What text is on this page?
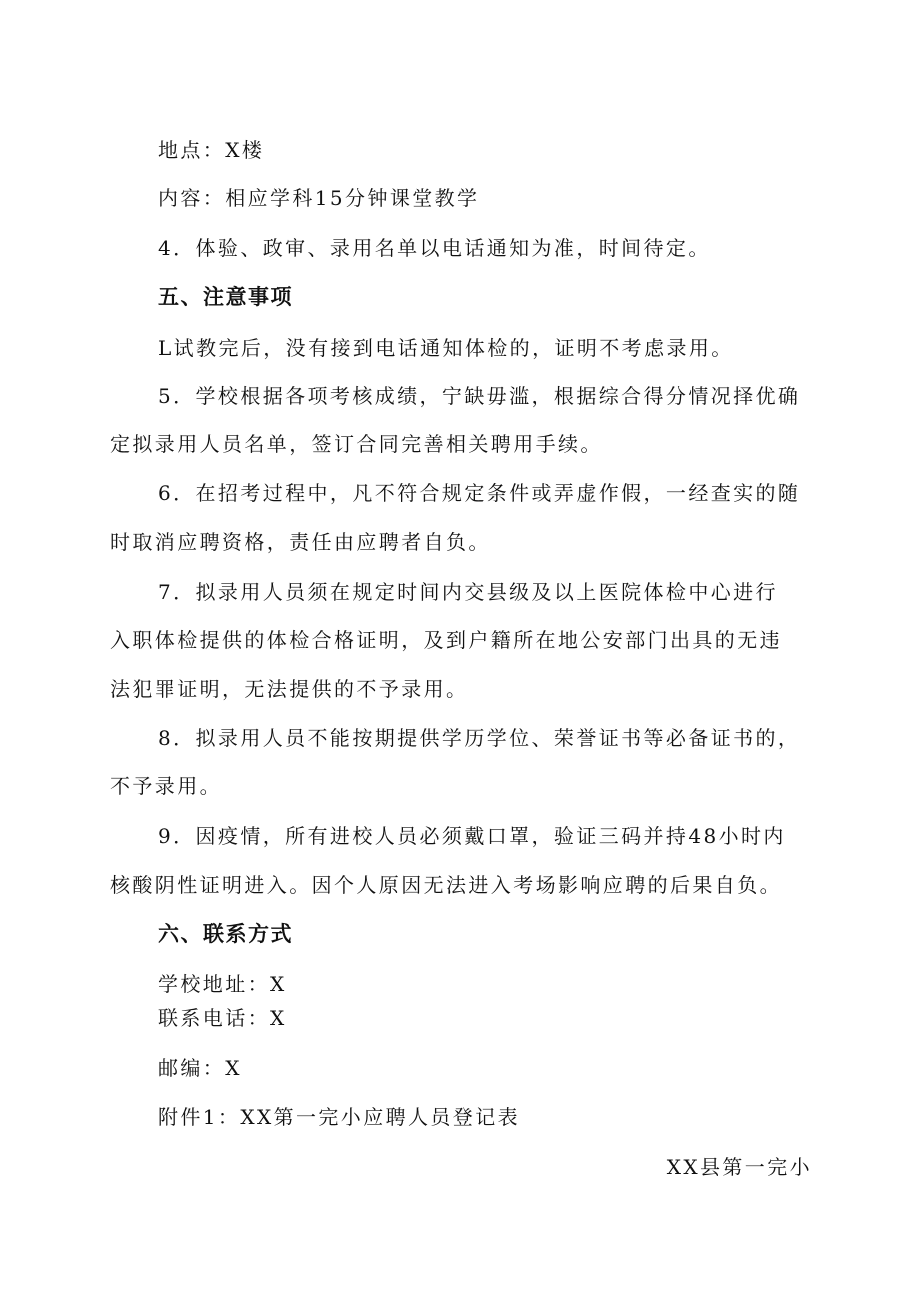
地点：X楼
内容：相应学科15分钟课堂教学
4．体验、政审、录用名单以电话通知为准，时间待定。
五、注意事项
L试教完后，没有接到电话通知体检的，证明不考虑录用。
5．学校根据各项考核成绩，宁缺毋滥，根据综合得分情况择优确
定拟录用人员名单，签订合同完善相关聘用手续。
6．在招考过程中，凡不符合规定条件或弄虚作假，一经查实的随
时取消应聘资格，责任由应聘者自负。
7．拟录用人员须在规定时间内交县级及以上医院体检中心进行
入职体检提供的体检合格证明，及到户籍所在地公安部门出具的无违
法犯罪证明，无法提供的不予录用。
8．拟录用人员不能按期提供学历学位、荣誉证书等必备证书的，
不予录用。
9．因疫情，所有进校人员必须戴口罩，验证三码并持48小时内
核酸阴性证明进入。因个人原因无法进入考场影响应聘的后果自负。
六、联系方式
学校地址：X
联系电话：X
邮编：X
附件1：XX第一完小应聘人员登记表
XX县第一完小
